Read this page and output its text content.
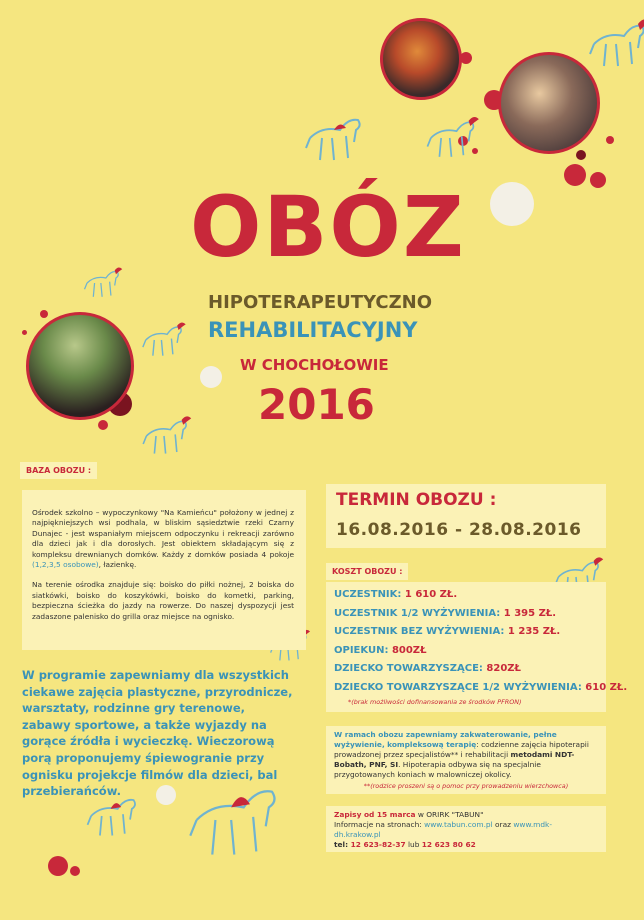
OBÓZ
HIPOTERAPEUTYCZNO
REHABILITACYJNY
W CHOCHOŁOWIE
2016
BAZA OBOZU :

Ośrodek szkolno – wypoczynkowy "Na Kamieńcu" położony w jednej z najpiękniejszych wsi podhala, w bliskim sąsiedztwie rzeki Czarny Dunajec - jest wspaniałym miejscem odpoczynku i rekreacji zarówno dla dzieci jak i dla dorosłych. Jest obiektem składającym się z kompleksu drewnianych domków. Każdy z domków posiada 4 pokoje (1,2,3,5 osobowe), łazienkę.

Na terenie ośrodka znajduje się: boisko do piłki nożnej, 2 boiska do siatkówki, boisko do koszykówki, boisko do kometki, parking, bezpieczna ścieżka do jazdy na rowerze. Do naszej dyspozycji jest zadaszone palenisko do grilla oraz miejsce na ognisko.

W programie zapewniamy dla wszystkich ciekawe zajęcia plastyczne, przyrodnicze, warsztaty, rodzinne gry terenowe, zabawy sportowe, a także wyjazdy na gorące źródła i wycieczkę. Wieczorową porą proponujemy śpiewogranie przy ognisku projekcje filmów dla dzieci, bal przebierańców.

TERMIN OBOZU :
16.08.2016 - 28.08.2016
KOSZT OBOZU :
UCZESTNIK: 1 610 ZŁ.
UCZESTNIK 1/2 WYŻYWIENIA: 1 395 ZŁ.
UCZESTNIK BEZ WYŻYWIENIA: 1 235 ZŁ.
OPIEKUN: 800ZŁ
DZIECKO TOWARZYSZĄCE: 820ZŁ
DZIECKO TOWARZYSZĄCE 1/2 WYŻYWIENIA: 610 ZŁ.
*(brak możliwości dofinansowania ze środków PFRON)

W ramach obozu zapewniamy zakwaterowanie, pełne wyżywienie, kompleksową terapię: codzienne zajęcia hipoterapii prowadzonej przez specjalistów** i rehabilitacji metodami NDT- Bobath, PNF, SI. Hipoterapia odbywa się na specjalnie przygotowanych koniach w malowniczej okolicy.

**(rodzice proszeni są o pomoc przy prowadzeniu wierzchowca)

Zapisy od 15 marca w ORIRK "TABUN"

Informacje na stronach: www.tabun.com.pl oraz www.mdk-dh.krakow.pl

tel: 12 623-82-37 lub 12 623 80 62
